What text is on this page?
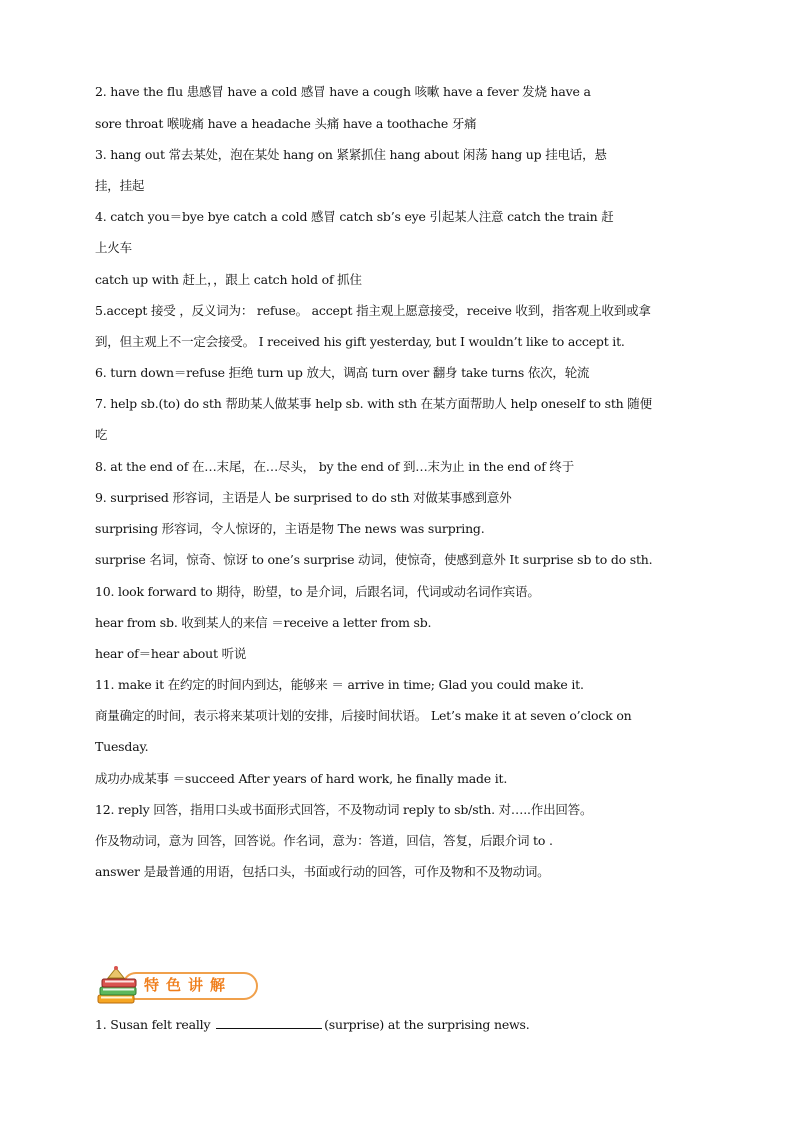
2. have the flu 患感冒 have a cold 感冒 have a cough 咳嗽 have a fever 发烧 have a
sore throat 喉咙痛 have a headache 头痛 have a toothache 牙痛
3. hang out 常去某处，泡在某处 hang on 紧紧抓住 hang about 闲荡 hang up 挂电话，悬
挂，挂起
4. catch you＝bye bye catch a cold 感冒 catch sb’s eye 引起某人注意 catch the train 赶
上火车
catch up with 赶上，，跟上 catch hold of 抓住
5.accept 接受 ，反义词为： refuse。 accept 指主观上愿意接受，receive 收到，指客观上收到或拿
到，但主观上不一定会接受。 I received his gift yesterday, but I wouldn’t like to accept it.
6. turn down＝refuse 拒绝 turn up 放大，调高 turn over 翻身 take turns 依次，轮流
7. help sb.(to) do sth 帮助某人做某事 help sb. with sth 在某方面帮助人 help oneself to sth 随便
吃
8. at the end of 在…末尾，在…尽头， by the end of 到…末为止 in the end of 终于
9. surprised 形容词，主语是人 be surprised to do sth 对做某事感到意外
surprising 形容词，令人惊讶的，主语是物 The news was surpring.
surprise 名词，惊奇、惊讶 to one’s surprise 动词，使惊奇，使感到意外 It surprise sb to do sth.
10. look forward to 期待，盼望，to 是介词，后跟名词，代词或动名词作宾语。
hear from sb. 收到某人的来信 ＝receive a letter from sb.
hear of＝hear about 听说
11. make it 在约定的时间内到达，能够来 ＝ arrive in time; Glad you could make it.
商量确定的时间，表示将来某项计划的安排，后接时间状语。 Let’s make it at seven o’clock on
Tuesday.
成功办成某事 ＝succeed After years of hard work, he finally made it.
12. reply 回答，指用口头或书面形式回答，不及物动词 reply to sb/sth. 对…..作出回答。
作及物动词，意为 回答，回答说。作名词，意为：答道，回信，答复，后跟介词 to .
answer 是最普通的用语，包括口头，书面或行动的回答，可作及物和不及物动词。
特色讲解
1. Susan felt really	(surprise) at the surprising news.
